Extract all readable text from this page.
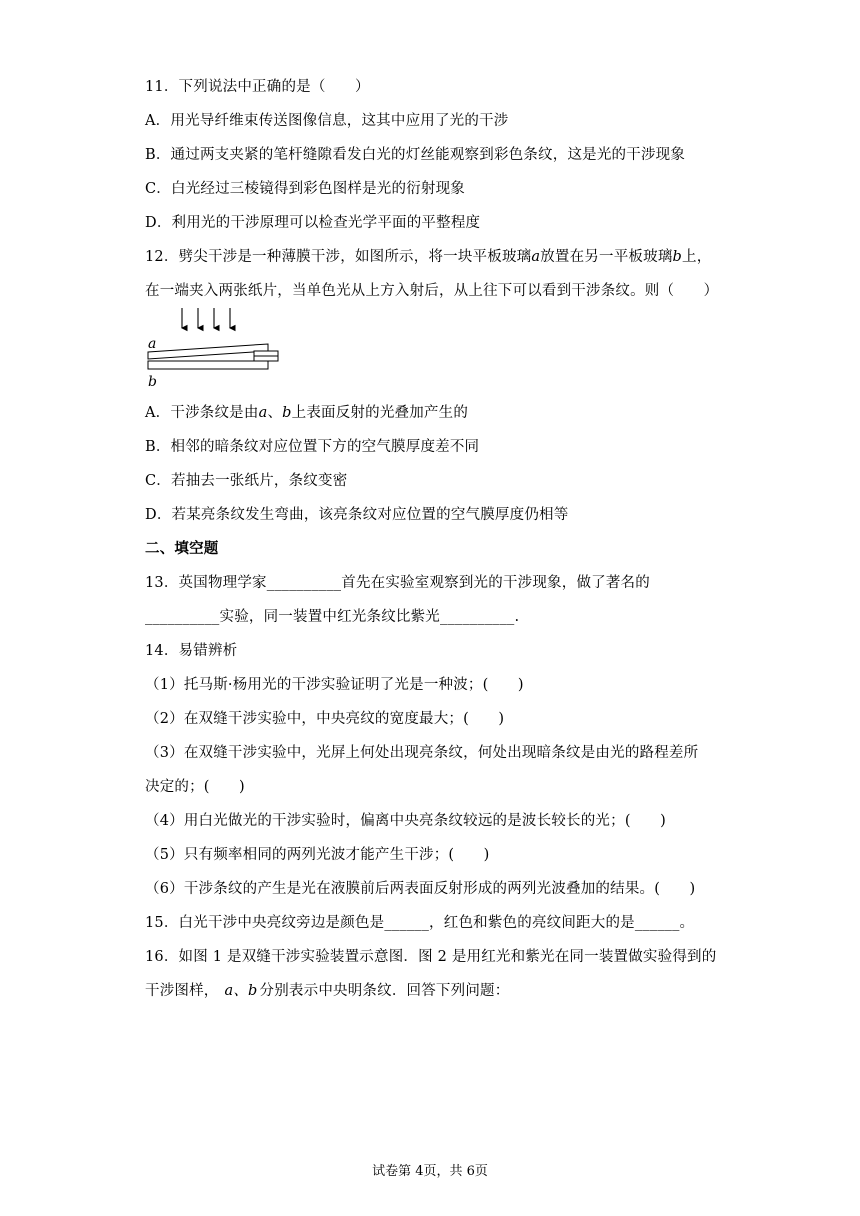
11．下列说法中正确的是（　　）
A．用光导纤维束传送图像信息，这其中应用了光的干涉
B．通过两支夹紧的笔杆缝隙看发白光的灯丝能观察到彩色条纹，这是光的干涉现象
C．白光经过三棱镜得到彩色图样是光的衍射现象
D．利用光的干涉原理可以检查光学平面的平整程度
12．劈尖干涉是一种薄膜干涉，如图所示，将一块平板玻璃a放置在另一平板玻璃b上，
在一端夹入两张纸片，当单色光从上方入射后，从上往下可以看到干涉条纹。则（　　）
a
b
A．干涉条纹是由a、b上表面反射的光叠加产生的
B．相邻的暗条纹对应位置下方的空气膜厚度差不同
C．若抽去一张纸片，条纹变密
D．若某亮条纹发生弯曲，该亮条纹对应位置的空气膜厚度仍相等
二、填空题
13．英国物理学家__________首先在实验室观察到光的干涉现象，做了著名的
__________实验，同一装置中红光条纹比紫光__________.
14．易错辨析
（1）托马斯·杨用光的干涉实验证明了光是一种波；(　　)
（2）在双缝干涉实验中，中央亮纹的宽度最大；(　　)
（3）在双缝干涉实验中，光屏上何处出现亮条纹，何处出现暗条纹是由光的路程差所
决定的；(　　)
（4）用白光做光的干涉实验时，偏离中央亮条纹较远的是波长较长的光；(　　)
（5）只有频率相同的两列光波才能产生干涉；(　　)
（6）干涉条纹的产生是光在液膜前后两表面反射形成的两列光波叠加的结果。(　　)
15．白光干涉中央亮纹旁边是颜色是______，红色和紫色的亮纹间距大的是______。
16．如图 1 是双缝干涉实验装置示意图．图 2 是用红光和紫光在同一装置做实验得到的
干涉图样， a、b 分别表示中央明条纹．回答下列问题：
试卷第 4页，共 6页
